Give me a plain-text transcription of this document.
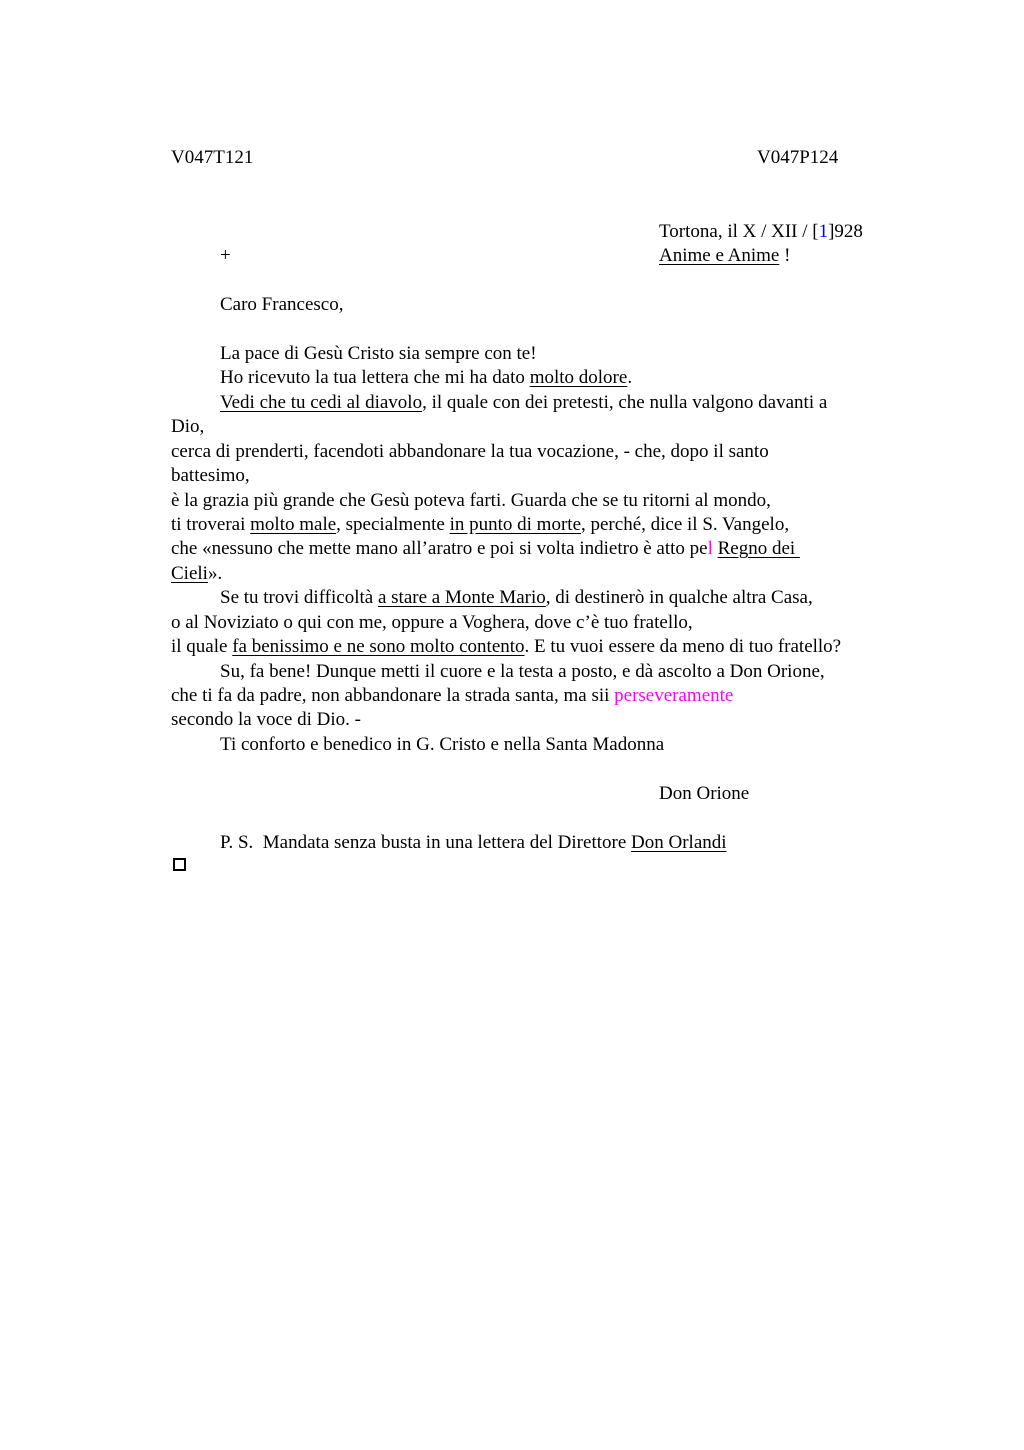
V047T121	V047P124
Tortona, il X / XII / [1]928
+	Anime e Anime !
Caro Francesco,
La pace di Gesù Cristo sia sempre con te!
Ho ricevuto la tua lettera che mi ha dato molto dolore.
Vedi che tu cedi al diavolo, il quale con dei pretesti, che nulla valgono davanti a
Dio,
cerca di prenderti, facendoti abbandonare la tua vocazione, - che, dopo il santo
battesimo,
è la grazia più grande che Gesù poteva farti. Guarda che se tu ritorni al mondo,
ti troverai molto male, specialmente in punto di morte, perché, dice il S. Vangelo,
che «nessuno che mette mano all’aratro e poi si volta indietro è atto pel Regno dei
Cieli».
Se tu trovi difficoltà a stare a Monte Mario, di destinerò in qualche altra Casa,
o al Noviziato o qui con me, oppure a Voghera, dove c’è tuo fratello,
il quale fa benissimo e ne sono molto contento. E tu vuoi essere da meno di tuo fratello?
Su, fa bene! Dunque metti il cuore e la testa a posto, e dà ascolto a Don Orione,
che ti fa da padre, non abbandonare la strada santa, ma sii perseveramente
secondo la voce di Dio. -
Ti conforto e benedico in G. Cristo e nella Santa Madonna
Don Orione
P. S.  Mandata senza busta in una lettera del Direttore Don Orlandi
